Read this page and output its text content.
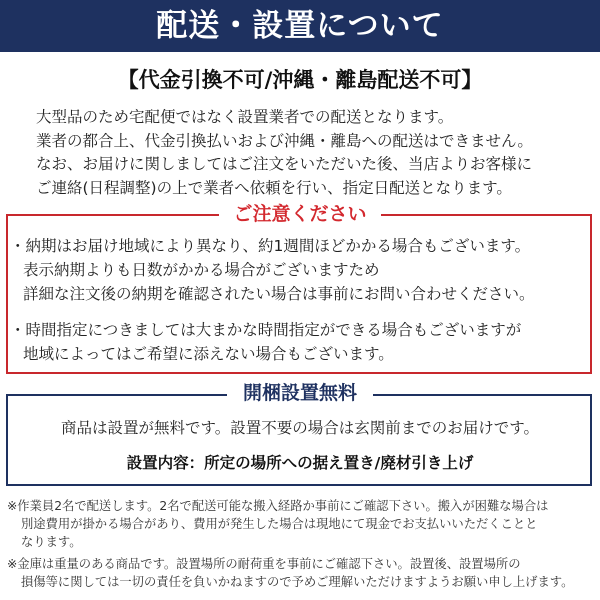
配送・設置について
【代金引換不可/沖縄・離島配送不可】
大型品のため宅配便ではなく設置業者での配送となります。
業者の都合上、代金引換払いおよび沖縄・離島への配送はできません。
なお、お届けに関しましてはご注文をいただいた後、当店よりお客様に
ご連絡(日程調整)の上で業者へ依頼を行い、指定日配送となります。
ご注意ください
・納期はお届け地域により異なり、約1週間ほどかかる場合もございます。
表示納期よりも日数がかかる場合がございますため
詳細な注文後の納期を確認されたい場合は事前にお問い合わせください。
・時間指定につきましては大まかな時間指定ができる場合もございますが
地域によってはご希望に添えない場合もございます。
開梱設置無料
商品は設置が無料です。設置不要の場合は玄関前までのお届けです。
設置内容：所定の場所への据え置き/廃材引き上げ
※作業員2名で配送します。2名で配送可能な搬入経路か事前にご確認下さい。搬入が困難な場合は
別途費用が掛かる場合があり、費用が発生した場合は現地にて現金でお支払いいただくことと
なります。
※金庫は重量のある商品です。設置場所の耐荷重を事前にご確認下さい。設置後、設置場所の
損傷等に関しては一切の責任を負いかねますので予めご理解いただけますようお願い申し上げます。
